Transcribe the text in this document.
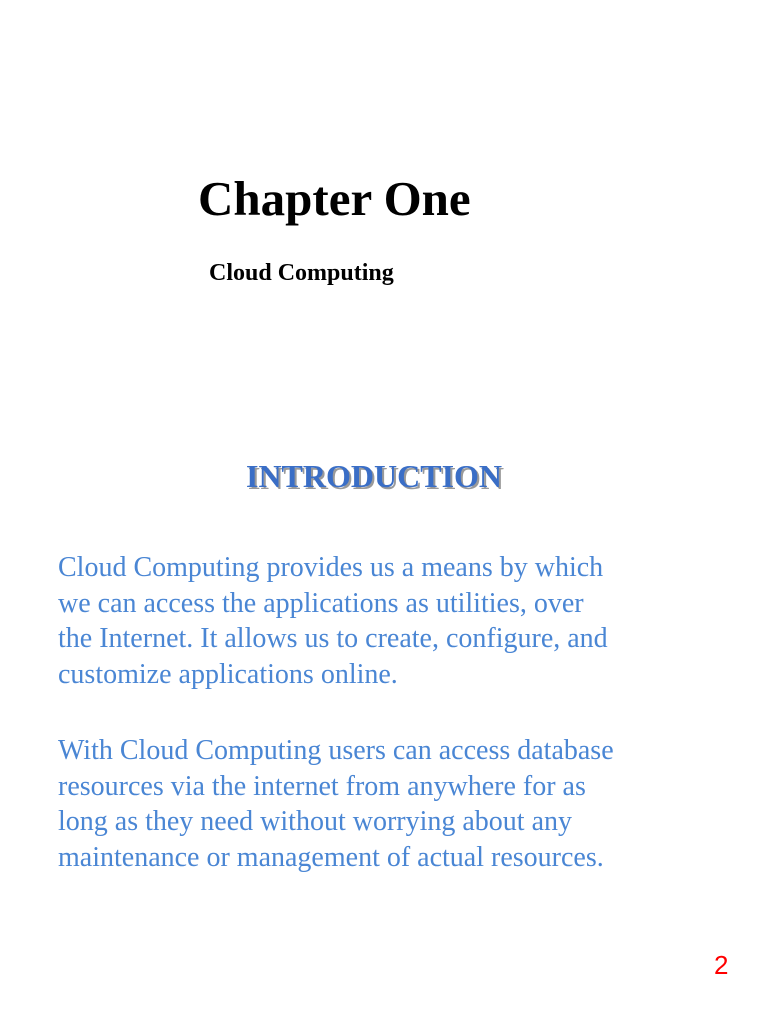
Chapter One
Cloud Computing
INTRODUCTION

Cloud Computing provides us a means by which
we can access the applications as utilities, over
the Internet. It allows us to create, configure, and
customize applications online.

With Cloud Computing users can access database
resources via the internet from anywhere for as
long as they need without worrying about any
maintenance or management of actual resources.

2
